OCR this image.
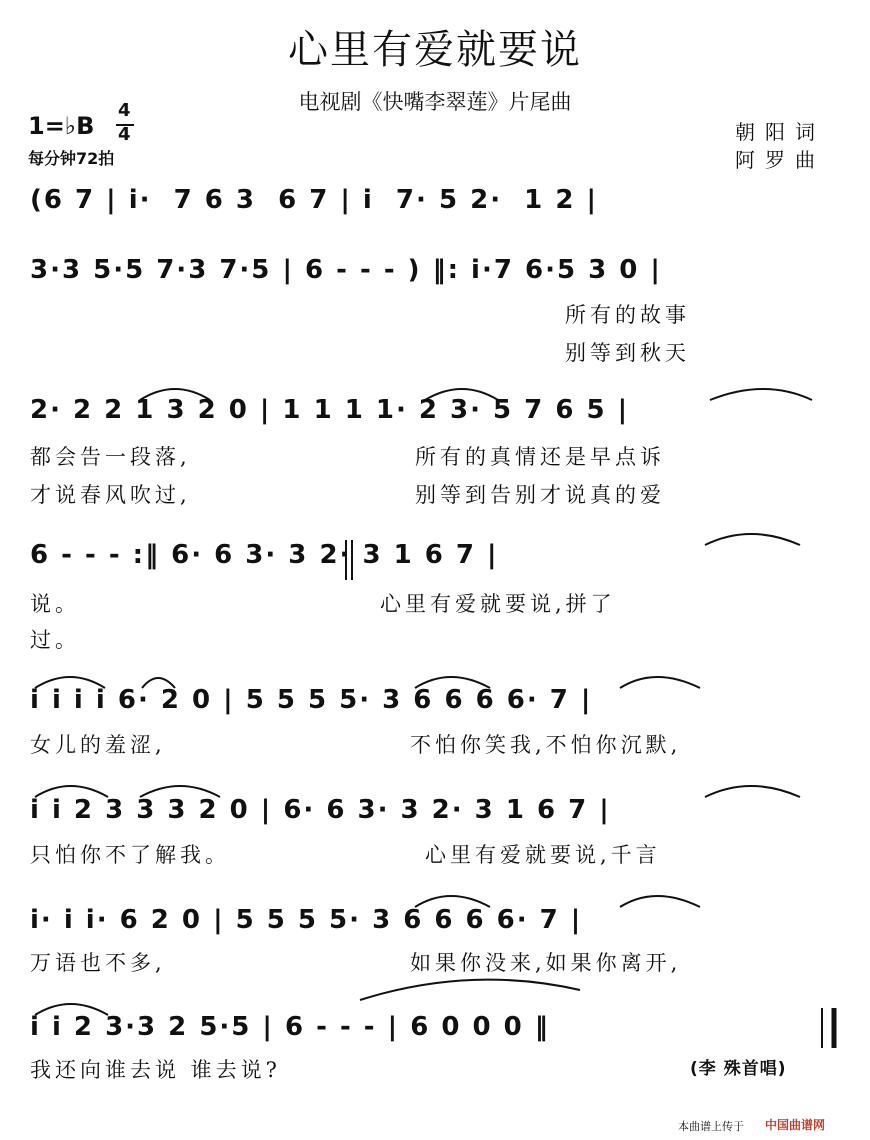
心里有爱就要说
电视剧《快嘴李翠莲》片尾曲
1=♭B
4
4
每分钟72拍
朝阳词
阿罗曲
(6 7 | i·  7 6 3  6 7 | i  7· 5 2·  1 2 |
3·3 5·5 7·3 7·5 | 6 - - - ) ‖: i·7 6·5 3 0 |
所有的故事
别等到秋天
2· 2 2 1 3 2 0 | 1 1 1 1· 2 3· 5 7 6 5 |
都会告一段落,
才说春风吹过,
所有的真情还是早点诉
别等到告别才说真的爱
6 - - - :‖ 6· 6 3· 3 2· 3 1 6 7 |
说。
过。
心里有爱就要说,拼了
i i i i 6· 2 0 | 5 5 5 5· 3 6 6 6 6· 7 |
女儿的羞涩,	不怕你笑我,不怕你沉默,
i i 2 3 3 3 2 0 | 6· 6 3· 3 2· 3 1 6 7 |
只怕你不了解我。	心里有爱就要说,千言
i· i i· 6 2 0 | 5 5 5 5· 3 6 6 6 6· 7 |
万语也不多,	如果你没来,如果你离开,
i i 2 3·3 2 5·5 | 6 - - - | 6 0 0 0 ‖
我还向谁去说 谁去说?	(李 殊首唱)
本曲谱上传于 中国曲谱网
